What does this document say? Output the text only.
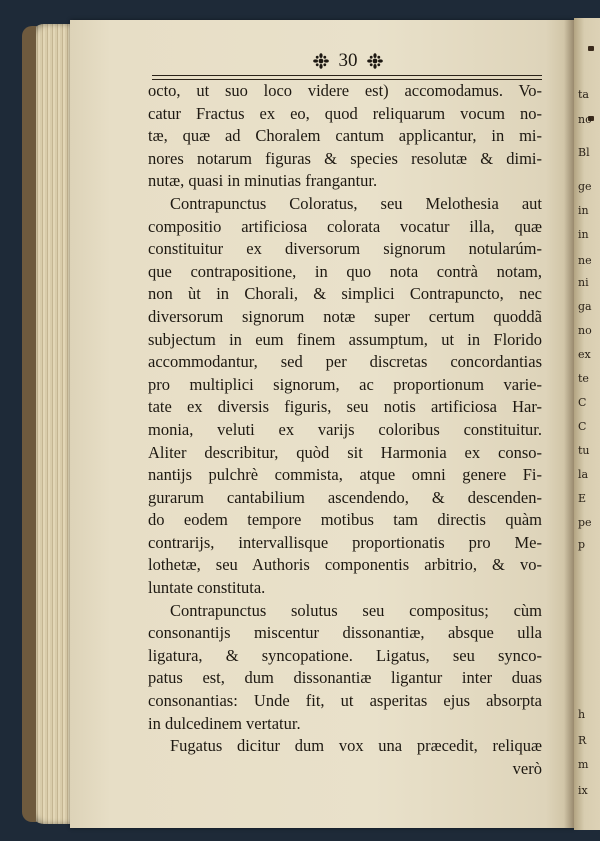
ta
no
Bl
ge
in
in
ne
ni
ga
no
ex
te
C
C
tu
la
E
pe
p
h
R
m
ix
30
octo, ut suo loco videre est) accomodamus. Vo-
catur Fractus ex eo, quod reliquarum vocum no-
tæ, quæ ad Choralem cantum applicantur, in mi-
nores notarum figuras & species resolutæ & dimi-
nutæ, quasi in minutias frangantur.
Contrapunctus Coloratus, seu Melothesia aut
compositio artificiosa colorata vocatur illa, quæ
constituitur ex diversorum signorum notularúm-
que contrapositione, in quo nota contrà notam,
non ùt in Chorali, & simplici Contrapuncto, nec
diversorum signorum notæ super certum quoddã
subjectum in eum finem assumptum, ut in Florido
accommodantur, sed per discretas concordantias
pro multiplici signorum, ac proportionum varie-
tate ex diversis figuris, seu notis artificiosa Har-
monia, veluti ex varijs coloribus constituitur.
Aliter describitur, quòd sit Harmonia ex conso-
nantijs pulchrè commista, atque omni genere Fi-
gurarum cantabilium ascendendo, & descenden-
do eodem tempore motibus tam directis quàm
contrarijs, intervallisque proportionatis pro Me-
lothetæ, seu Authoris componentis arbitrio, & vo-
luntate constituta.
Contrapunctus solutus seu compositus; cùm
consonantijs miscentur dissonantiæ, absque ulla
ligatura, & syncopatione. Ligatus, seu synco-
patus est, dum dissonantiæ ligantur inter duas
consonantias: Unde fit, ut asperitas ejus absorpta
in dulcedinem vertatur.
Fugatus dicitur dum vox una præcedit, reliquæ
verò
